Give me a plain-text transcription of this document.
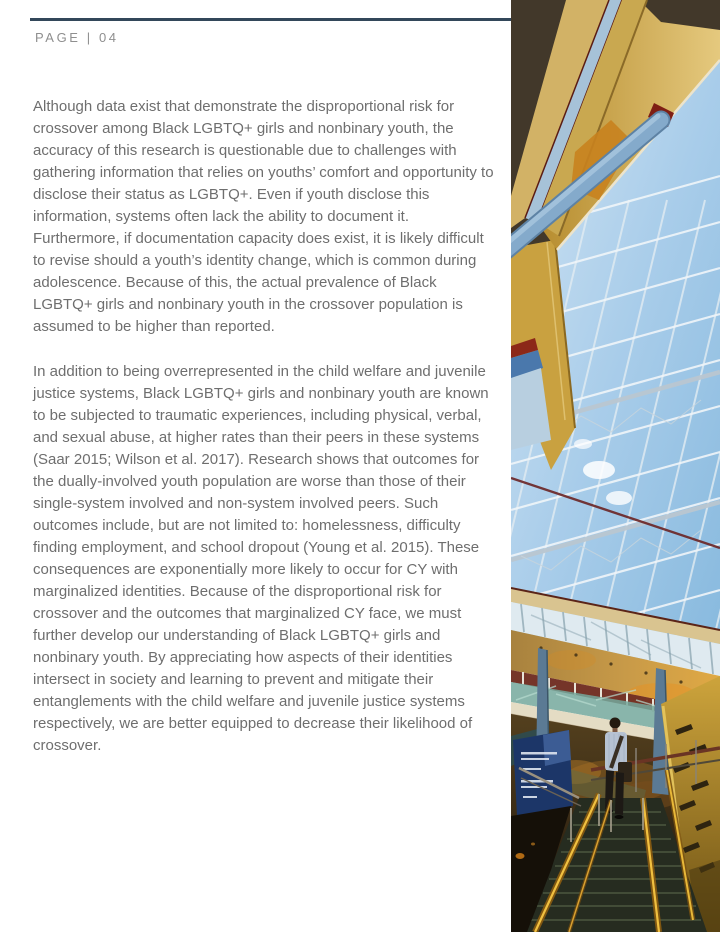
PAGE | 04

Although data exist that demonstrate the disproportional risk for crossover among Black LGBTQ+ girls and nonbinary youth, the accuracy of this research is questionable due to challenges with gathering information that relies on youths’ comfort and opportunity to disclose their status as LGBTQ+. Even if youth disclose this information, systems often lack the ability to document it. Furthermore, if documentation capacity does exist, it is likely difficult to revise should a youth’s identity change, which is common during adolescence. Because of this, the actual prevalence of Black LGBTQ+ girls and nonbinary youth in the crossover population is assumed to be higher than reported.

In addition to being overrepresented in the child welfare and juvenile justice systems, Black LGBTQ+ girls and nonbinary youth are known to be subjected to traumatic experiences, including physical, verbal, and sexual abuse, at higher rates than their peers in these systems (Saar 2015; Wilson et al. 2017). Research shows that outcomes for the dually-involved youth population are worse than those of their single-system involved and non-system involved peers. Such outcomes include, but are not limited to: homelessness, difficulty finding employment, and school dropout (Young et al. 2015). These consequences are exponentially more likely to occur for CY with marginalized identities. Because of the disproportional risk for crossover and the outcomes that marginalized CY face, we must further develop our understanding of Black LGBTQ+ girls and nonbinary youth. By appreciating how aspects of their identities intersect in society and learning to prevent and mitigate their entanglements with the child welfare and juvenile justice systems respectively, we are better equipped to decrease their likelihood of crossover.
